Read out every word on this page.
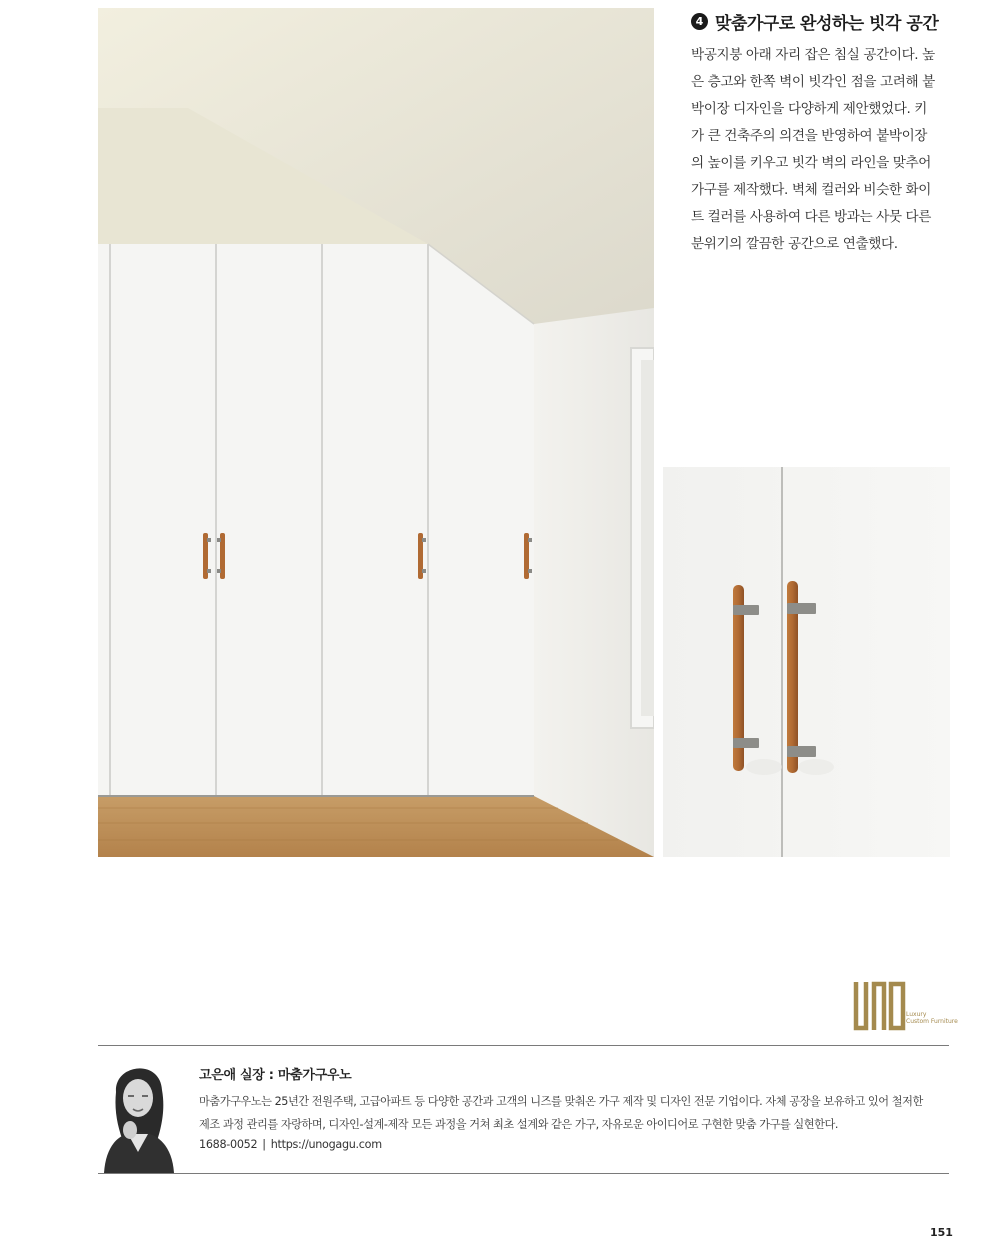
4 맞춤가구로 완성하는 빗각 공간
박공지붕 아래 자리 잡은 침실 공간이다. 높
은 층고와 한쪽 벽이 빗각인 점을 고려해 붙
박이장 디자인을 다양하게 제안했었다. 키
가 큰 건축주의 의견을 반영하여 붙박이장
의 높이를 키우고 빗각 벽의 라인을 맞추어
가구를 제작했다. 벽체 컬러와 비슷한 화이
트 컬러를 사용하여 다른 방과는 사뭇 다른
분위기의 깔끔한 공간으로 연출했다.
Luxury
Custom Furniture
고은애 실장 : 마춤가구우노
마춤가구우노는 25년간 전원주택, 고급아파트 등 다양한 공간과 고객의 니즈를 맞춰온 가구 제작 및 디자인 전문 기업이다. 자체 공장을 보유하고 있어 철저한
제조 과정 관리를 자랑하며, 디자인-설계-제작 모든 과정을 거쳐 최초 설계와 같은 가구, 자유로운 아이디어로 구현한 맞춤 가구를 실현한다.
1688-0052 | https://unogagu.com
151
